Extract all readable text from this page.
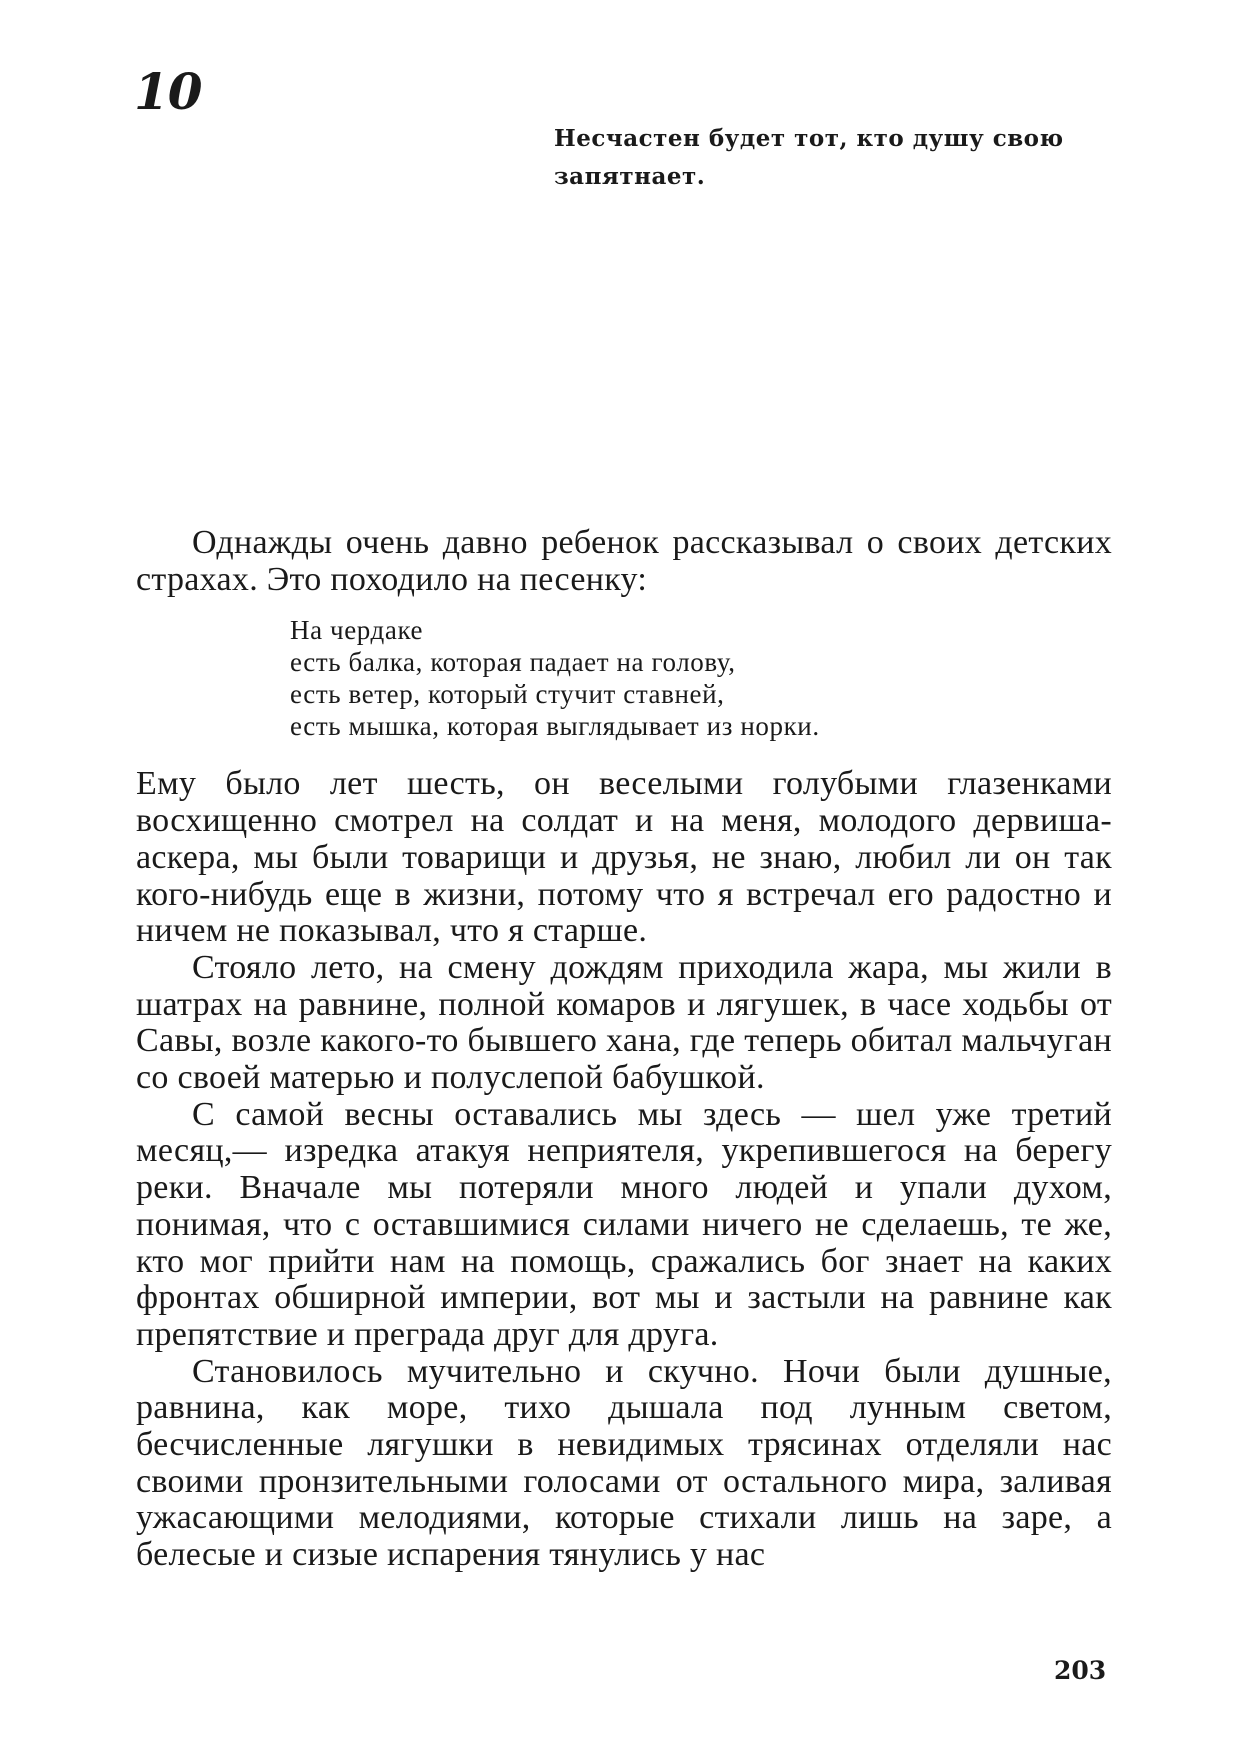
10
Несчастен будет тот, кто душу свою запятнает.

Однажды очень давно ребенок рассказывал о своих детских страхах. Это походило на песенку:

На чердаке
есть балка, которая падает на голову,
есть ветер, который стучит ставней,
есть мышка, которая выглядывает из норки.

Ему было лет шесть, он веселыми голубыми глазенками восхищенно смотрел на солдат и на меня, молодого дервиша-аскера, мы были товарищи и друзья, не знаю, любил ли он так кого-нибудь еще в жизни, потому что я встречал его радостно и ничем не показывал, что я старше.

Стояло лето, на смену дождям приходила жара, мы жили в шатрах на равнине, полной комаров и лягушек, в часе ходьбы от Савы, возле какого-то бывшего хана, где теперь обитал мальчуган со своей матерью и полуслепой бабушкой.

С самой весны оставались мы здесь — шел уже третий месяц,— изредка атакуя неприятеля, укрепившегося на берегу реки. Вначале мы потеряли много людей и упали духом, понимая, что с оставшимися силами ничего не сделаешь, те же, кто мог прийти нам на помощь, сражались бог знает на каких фронтах обширной империи, вот мы и застыли на равнине как препятствие и преграда друг для друга.

Становилось мучительно и скучно. Ночи были душные, равнина, как море, тихо дышала под лунным светом, бесчисленные лягушки в невидимых трясинах отделяли нас своими пронзительными голосами от остального мира, заливая ужасающими мелодиями, которые стихали лишь на заре, а белесые и сизые испарения тянулись у нас

203
